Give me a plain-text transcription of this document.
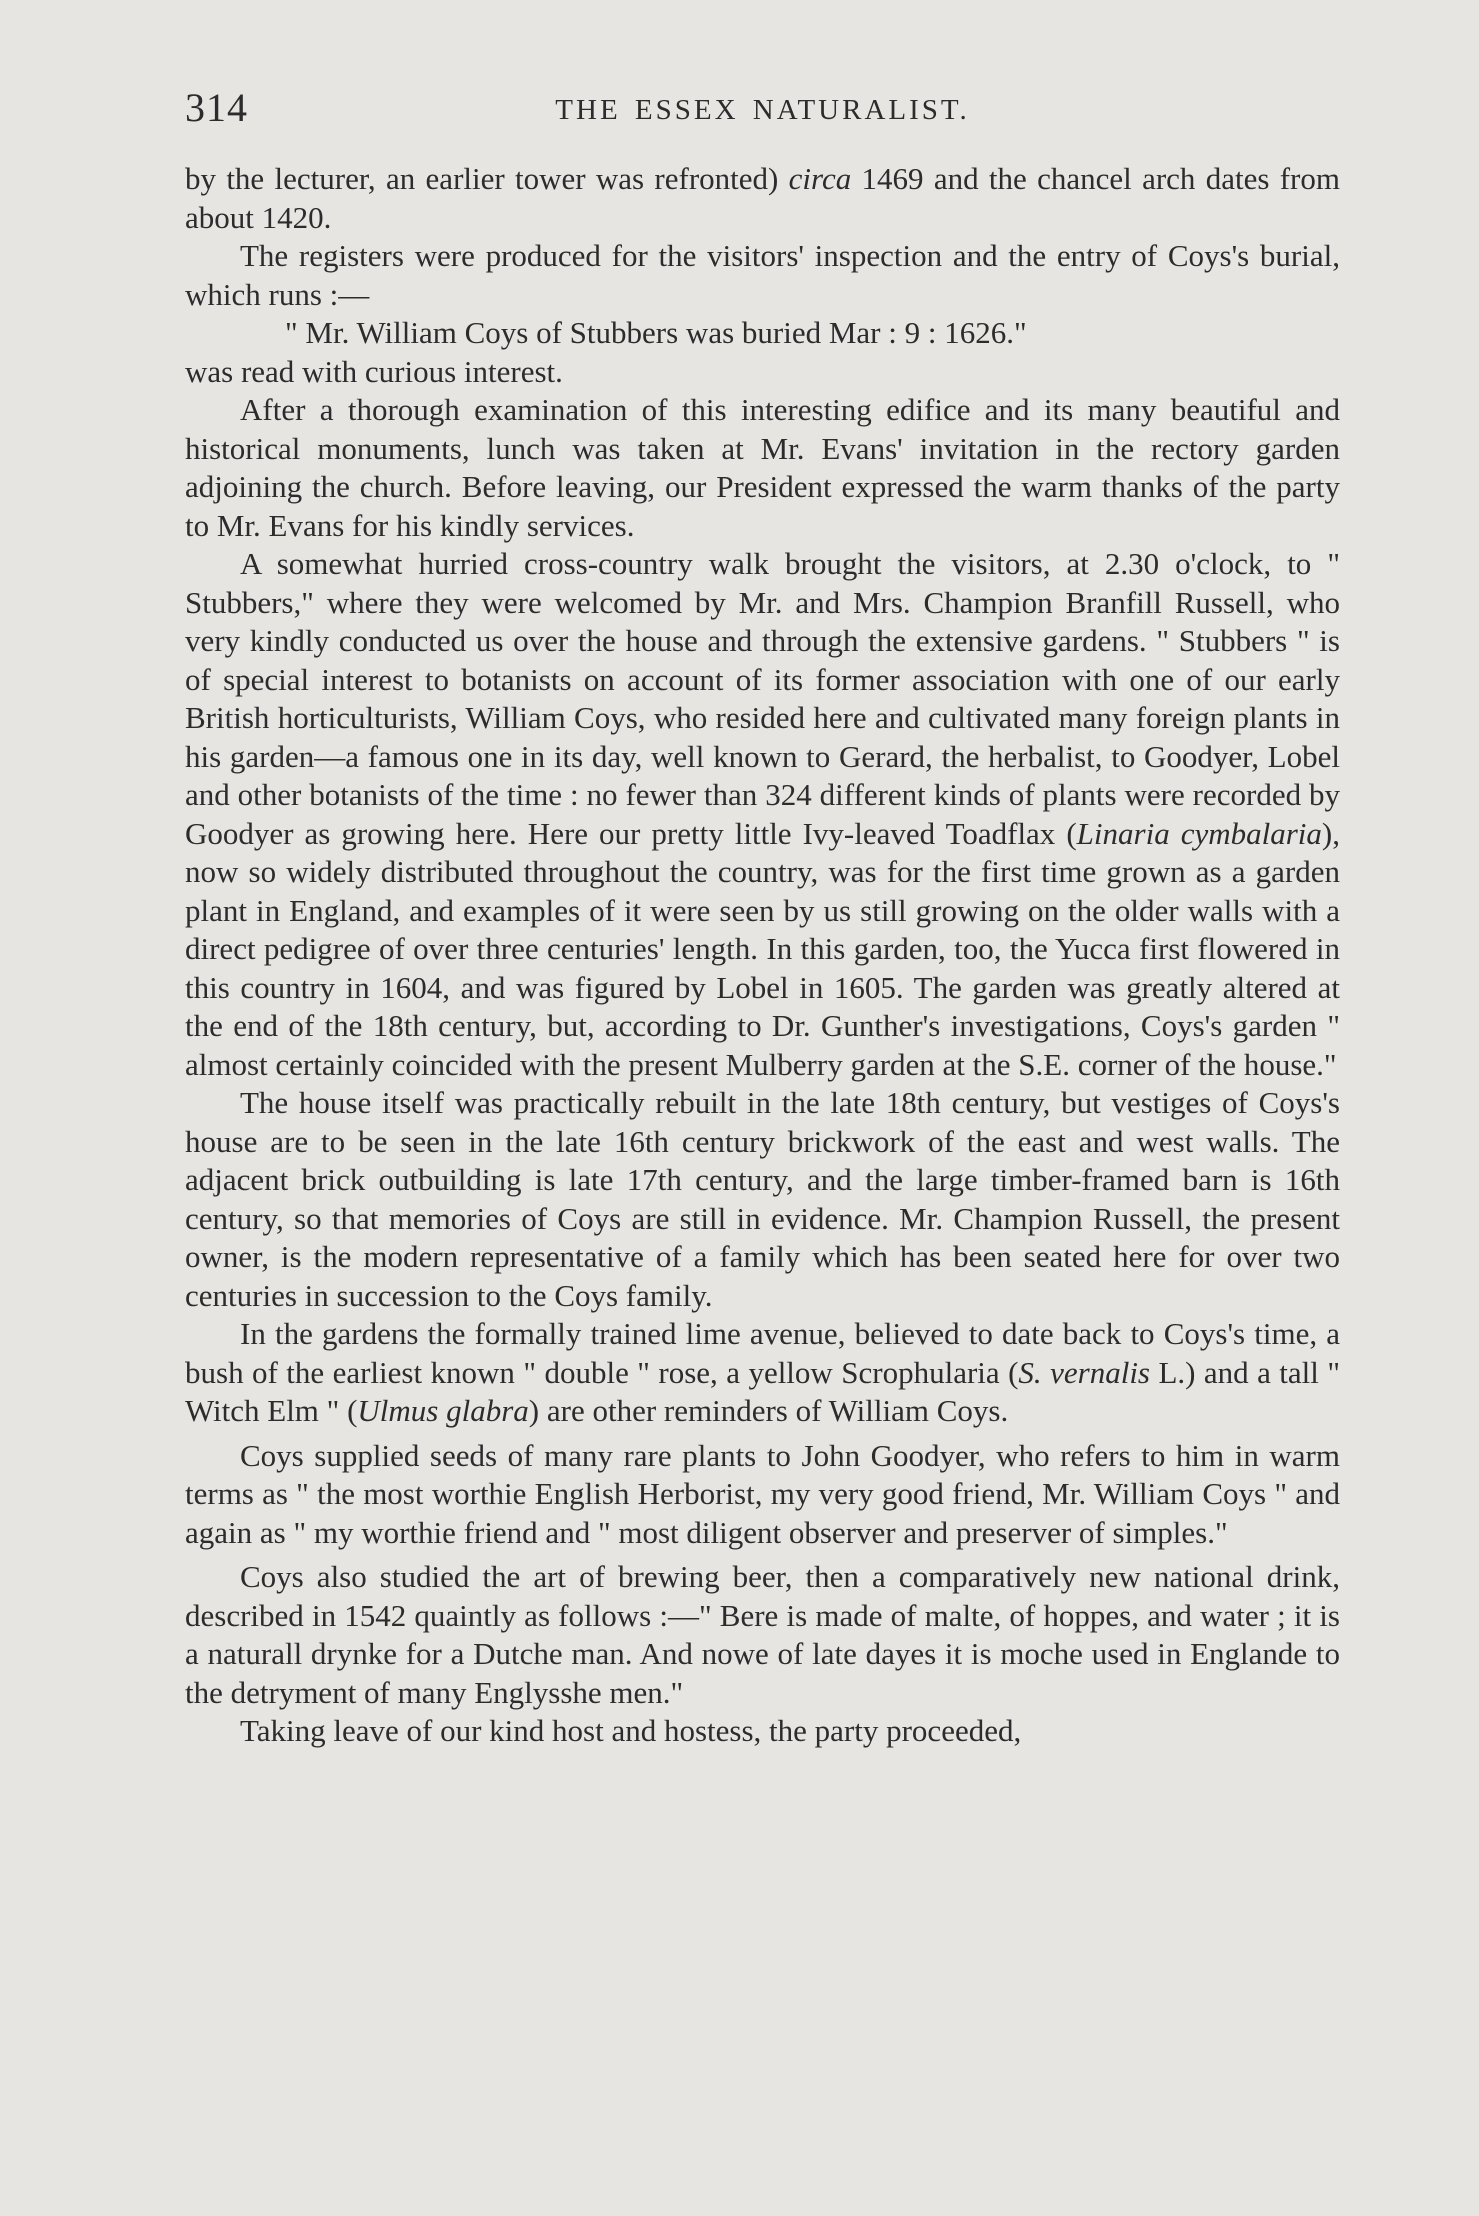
314	THE ESSEX NATURALIST.

by the lecturer, an earlier tower was refronted) circa 1469 and the chancel arch dates from about 1420.

The registers were produced for the visitors' inspection and the entry of Coys's burial, which runs :—

" Mr. William Coys of Stubbers was buried Mar : 9 : 1626."

was read with curious interest.

After a thorough examination of this interesting edifice and its many beautiful and historical monuments, lunch was taken at Mr. Evans' invitation in the rectory garden adjoining the church. Before leaving, our President expressed the warm thanks of the party to Mr. Evans for his kindly services.

A somewhat hurried cross-country walk brought the visitors, at 2.30 o'clock, to " Stubbers," where they were welcomed by Mr. and Mrs. Champion Branfill Russell, who very kindly conducted us over the house and through the extensive gardens. " Stubbers " is of special interest to botanists on account of its former association with one of our early British horticulturists, William Coys, who resided here and cultivated many foreign plants in his garden—a famous one in its day, well known to Gerard, the herbalist, to Goodyer, Lobel and other botanists of the time : no fewer than 324 different kinds of plants were recorded by Goodyer as growing here. Here our pretty little Ivy-leaved Toadflax (Linaria cymbalaria), now so widely distributed throughout the country, was for the first time grown as a garden plant in England, and examples of it were seen by us still growing on the older walls with a direct pedigree of over three centuries' length. In this garden, too, the Yucca first flowered in this country in 1604, and was figured by Lobel in 1605. The garden was greatly altered at the end of the 18th century, but, according to Dr. Gunther's investigations, Coys's garden " almost certainly coincided with the present Mulberry garden at the S.E. corner of the house."

The house itself was practically rebuilt in the late 18th century, but vestiges of Coys's house are to be seen in the late 16th century brickwork of the east and west walls. The adjacent brick outbuilding is late 17th century, and the large timber-framed barn is 16th century, so that memories of Coys are still in evidence. Mr. Champion Russell, the present owner, is the modern representative of a family which has been seated here for over two centuries in succession to the Coys family.

In the gardens the formally trained lime avenue, believed to date back to Coys's time, a bush of the earliest known " double " rose, a yellow Scrophularia (S. vernalis L.) and a tall " Witch Elm " (Ulmus glabra) are other reminders of William Coys.

Coys supplied seeds of many rare plants to John Goodyer, who refers to him in warm terms as " the most worthie English Herborist, my very good friend, Mr. William Coys " and again as " my worthie friend and " most diligent observer and preserver of simples."

Coys also studied the art of brewing beer, then a comparatively new national drink, described in 1542 quaintly as follows :—" Bere is made of malte, of hoppes, and water ; it is a naturall drynke for a Dutche man. And nowe of late dayes it is moche used in Englande to the detryment of many Englysshe men."

Taking leave of our kind host and hostess, the party proceeded,
